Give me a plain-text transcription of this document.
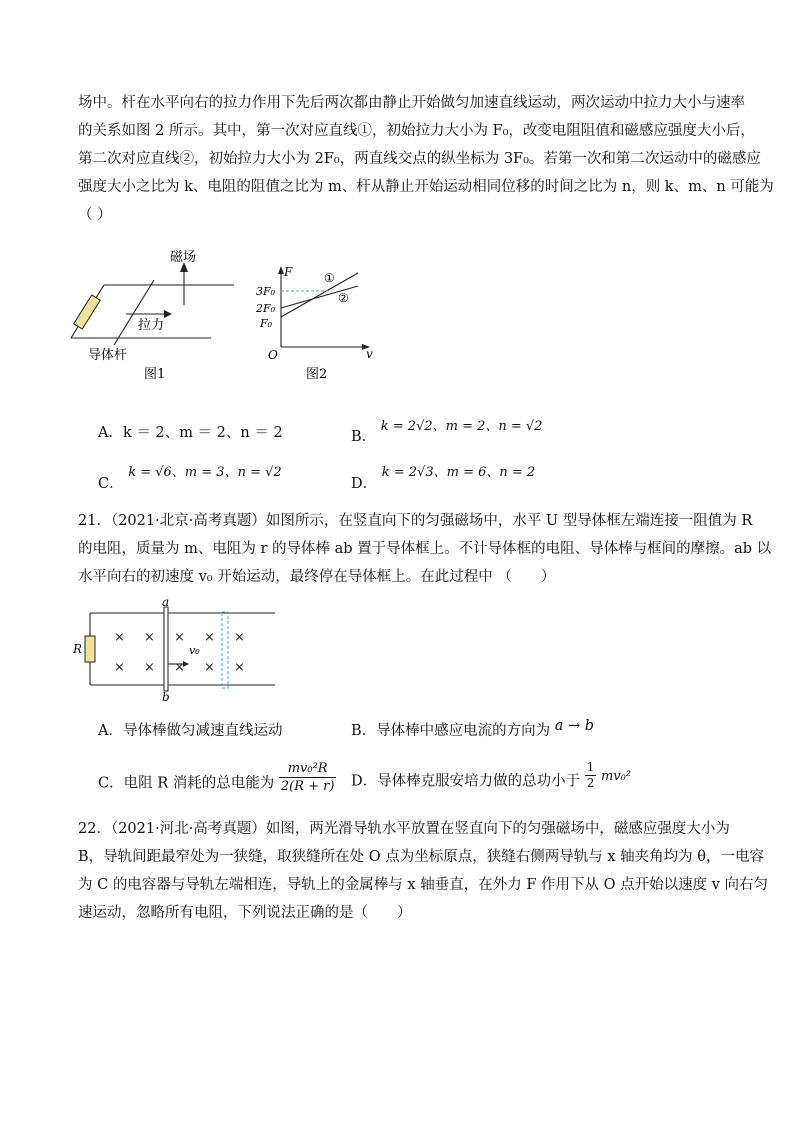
场中。杆在水平向右的拉力作用下先后两次都由静止开始做匀加速直线运动，两次运动中拉力大小与速率
的关系如图 2 所示。其中，第一次对应直线①，初始拉力大小为 F₀，改变电阻阻值和磁感应强度大小后，
第二次对应直线②，初始拉力大小为 2F₀，两直线交点的纵坐标为 3F₀。若第一次和第二次运动中的磁感应
强度大小之比为 k、电阻的阻值之比为 m、杆从静止开始运动相同位移的时间之比为 n，则 k、m、n 可能为
（ ）
磁场
拉力
导体杆
图1
F
v
O
3F₀
2F₀
F₀
①
②
图2
A．k ＝ 2、m ＝ 2、n ＝ 2	B． k = 2√2、m = 2、n = √2
C． k = √6、m = 3、n = √2
D． k = 2√3、m = 6、n = 2
21．（2021·北京·高考真题）如图所示，在竖直向下的匀强磁场中，水平 U 型导体框左端连接一阻值为 R
的电阻，质量为 m、电阻为 r 的导体棒 ab 置于导体框上。不计导体框的电阻、导体棒与框间的摩擦。ab 以
水平向右的初速度 v₀ 开始运动，最终停在导体框上。在此过程中 （　　）
× × × × ×
× × × × ×
R
a
b
v₀
A．导体棒做匀减速直线运动	B．导体棒中感应电流的方向为 a → b
C．电阻 R 消耗的总电能为 $\frac{\text{mv₀²R}}{2(R + r)}$ D．导体棒克服安培力做的总功小于 $\frac{1}{2} mv_0^2$
22．（2021·河北·高考真题）如图，两光滑导轨水平放置在竖直向下的匀强磁场中，磁感应强度大小为
B，导轨间距最窄处为一狭缝，取狭缝所在处 O 点为坐标原点，狭缝右侧两导轨与 x 轴夹角均为 θ，一电容
为 C 的电容器与导轨左端相连，导轨上的金属棒与 x 轴垂直，在外力 F 作用下从 O 点开始以速度 v 向右匀
速运动，忽略所有电阻，下列说法正确的是（　　）
